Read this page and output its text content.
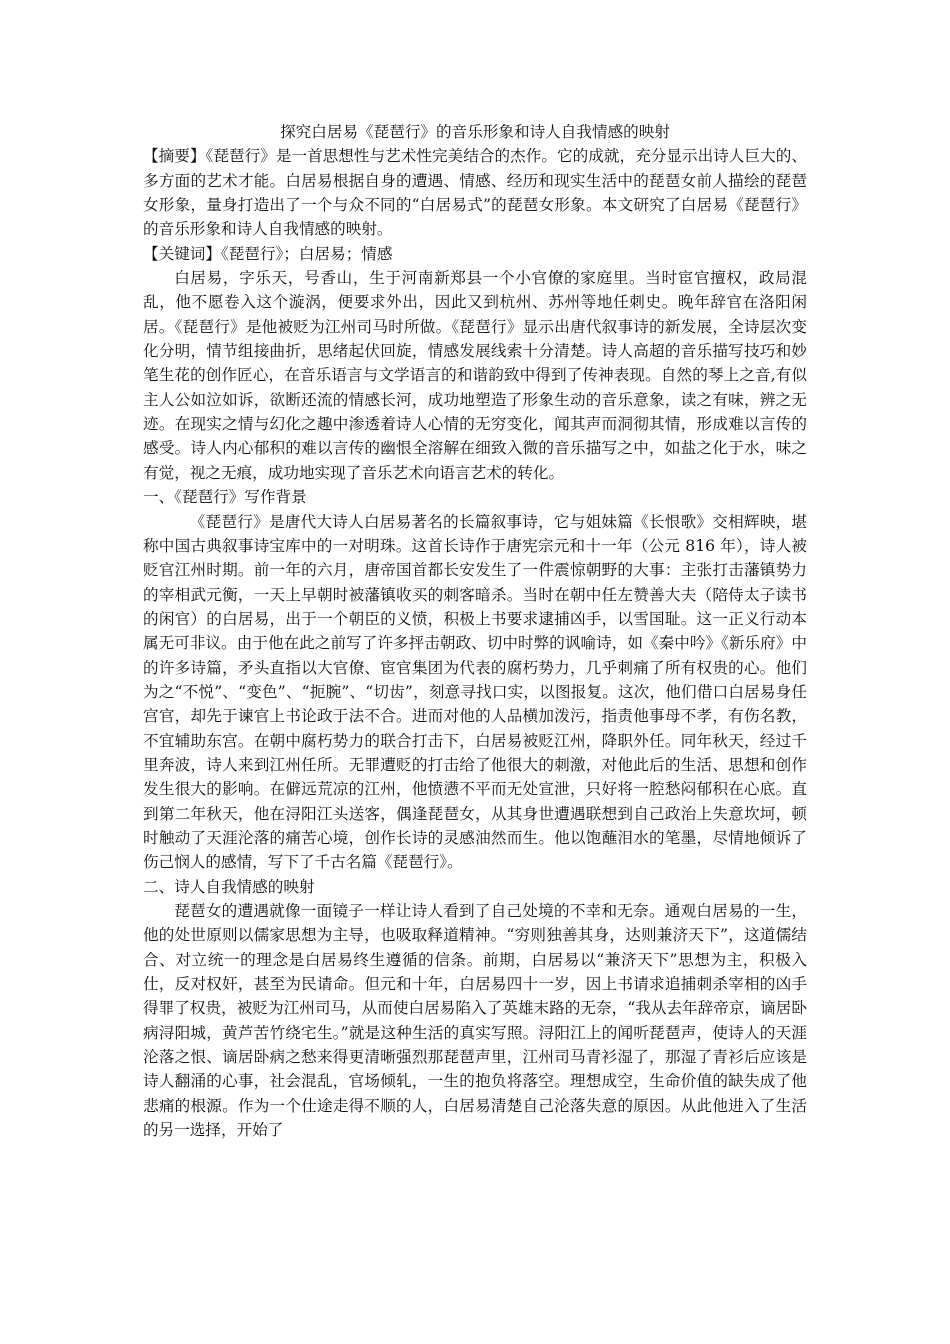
探究白居易《琵琶行》的音乐形象和诗人自我情感的映射

【摘要】《琵琶行》是一首思想性与艺术性完美结合的杰作。它的成就，充分显示出诗人巨大的、多方面的艺术才能。白居易根据自身的遭遇、情感、经历和现实生活中的琵琶女前人描绘的琵琶女形象，量身打造出了一个与众不同的“白居易式”的琵琶女形象。本文研究了白居易《琵琶行》的音乐形象和诗人自我情感的映射。

【关键词】《琵琶行》；白居易；情感

白居易，字乐天，号香山，生于河南新郑县一个小官僚的家庭里。当时宦官擅权，政局混乱，他不愿卷入这个漩涡，便要求外出，因此又到杭州、苏州等地任刺史。晚年辞官在洛阳闲居。《琵琶行》是他被贬为江州司马时所做。《琵琶行》显示出唐代叙事诗的新发展，全诗层次变化分明，情节组接曲折，思绪起伏回旋，情感发展线索十分清楚。诗人高超的音乐描写技巧和妙笔生花的创作匠心，在音乐语言与文学语言的和谐韵致中得到了传神表现。自然的琴上之音,有似主人公如泣如诉，欲断还流的情感长河，成功地塑造了形象生动的音乐意象，读之有味，辨之无迹。在现实之情与幻化之趣中渗透着诗人心情的无穷变化，闻其声而洞彻其情，形成难以言传的感受。诗人内心郁积的难以言传的幽恨全溶解在细致入微的音乐描写之中，如盐之化于水，味之有觉，视之无痕，成功地实现了音乐艺术向语言艺术的转化。

一、《琵琶行》写作背景

《琵琶行》是唐代大诗人白居易著名的长篇叙事诗，它与姐妹篇《长恨歌》交相辉映，堪称中国古典叙事诗宝库中的一对明珠。这首长诗作于唐宪宗元和十一年（公元 816 年），诗人被贬官江州时期。前一年的六月，唐帝国首都长安发生了一件震惊朝野的大事：主张打击藩镇势力的宰相武元衡，一天上早朝时被藩镇收买的刺客暗杀。当时在朝中任左赞善大夫（陪侍太子读书的闲官）的白居易，出于一个朝臣的义愤，积极上书要求逮捕凶手，以雪国耻。这一正义行动本属无可非议。由于他在此之前写了许多抨击朝政、切中时弊的讽喻诗，如《秦中吟》《新乐府》中的许多诗篇，矛头直指以大官僚、宦官集团为代表的腐朽势力，几乎刺痛了所有权贵的心。他们为之“不悦”、“变色”、“扼腕”、“切齿”，刻意寻找口实，以图报复。这次，他们借口白居易身任宫官，却先于谏官上书论政于法不合。进而对他的人品横加泼污，指责他事母不孝，有伤名教，不宜辅助东宫。在朝中腐朽势力的联合打击下，白居易被贬江州，降职外任。同年秋天，经过千里奔波，诗人来到江州任所。无罪遭贬的打击给了他很大的刺激，对他此后的生活、思想和创作发生很大的影响。在僻远荒凉的江州，他愤懑不平而无处宣泄，只好将一腔愁闷郁积在心底。直到第二年秋天，他在浔阳江头送客，偶逢琵琶女，从其身世遭遇联想到自己政治上失意坎坷，顿时触动了天涯沦落的痛苦心境，创作长诗的灵感油然而生。他以饱蘸泪水的笔墨，尽情地倾诉了伤己悯人的感情，写下了千古名篇《琵琶行》。

二、诗人自我情感的映射

琵琶女的遭遇就像一面镜子一样让诗人看到了自己处境的不幸和无奈。通观白居易的一生，他的处世原则以儒家思想为主导，也吸取释道精神。“穷则独善其身，达则兼济天下”，这道儒结合、对立统一的理念是白居易终生遵循的信条。前期，白居易以“兼济天下”思想为主，积极入仕，反对权奸，甚至为民请命。但元和十年，白居易四十一岁，因上书请求追捕刺杀宰相的凶手得罪了权贵，被贬为江州司马，从而使白居易陷入了英雄末路的无奈，“我从去年辞帝京，谪居卧病浔阳城，黄芦苦竹绕宅生。”就是这种生活的真实写照。浔阳江上的闻听琵琶声，使诗人的天涯沦落之恨、谪居卧病之愁来得更清晰强烈那琵琶声里，江州司马青衫湿了，那湿了青衫后应该是诗人翻涌的心事，社会混乱，官场倾轧，一生的抱负将落空。理想成空，生命价值的缺失成了他悲痛的根源。作为一个仕途走得不顺的人，白居易清楚自己沦落失意的原因。从此他进入了生活的另一选择，开始了
